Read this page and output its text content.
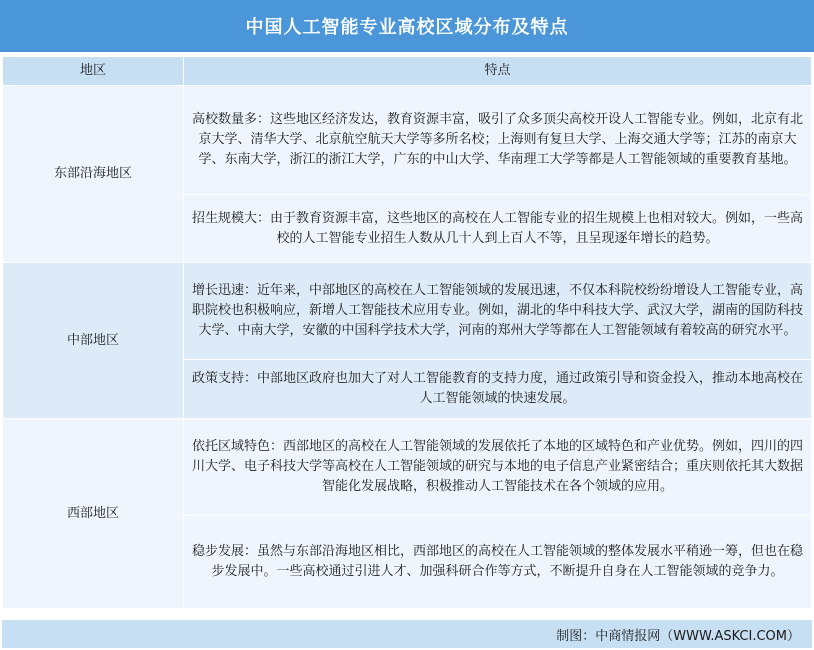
中国人工智能专业高校区域分布及特点
地区	特点
东部沿海地区	高校数量多：这些地区经济发达，教育资源丰富，吸引了众多顶尖高校开设人工智能专业。例如，北京有北京大学、清华大学、北京航空航天大学等多所名校；上海则有复旦大学、上海交通大学等；江苏的南京大学、东南大学，浙江的浙江大学，广东的中山大学、华南理工大学等都是人工智能领域的重要教育基地。
	招生规模大：由于教育资源丰富，这些地区的高校在人工智能专业的招生规模上也相对较大。例如，一些高校的人工智能专业招生人数从几十人到上百人不等，且呈现逐年增长的趋势。
中部地区	增长迅速：近年来，中部地区的高校在人工智能领域的发展迅速，不仅本科院校纷纷增设人工智能专业，高职院校也积极响应，新增人工智能技术应用专业。例如，湖北的华中科技大学、武汉大学，湖南的国防科技大学、中南大学，安徽的中国科学技术大学，河南的郑州大学等都在人工智能领域有着较高的研究水平。
	政策支持：中部地区政府也加大了对人工智能教育的支持力度，通过政策引导和资金投入，推动本地高校在人工智能领域的快速发展。
西部地区	依托区域特色：西部地区的高校在人工智能领域的发展依托了本地的区域特色和产业优势。例如，四川的四川大学、电子科技大学等高校在人工智能领域的研究与本地的电子信息产业紧密结合；重庆则依托其大数据智能化发展战略，积极推动人工智能技术在各个领域的应用。
	稳步发展：虽然与东部沿海地区相比，西部地区的高校在人工智能领域的整体发展水平稍逊一筹，但也在稳步发展中。一些高校通过引进人才、加强科研合作等方式，不断提升自身在人工智能领域的竞争力。
制图：中商情报网（WWW.ASKCI.COM）
